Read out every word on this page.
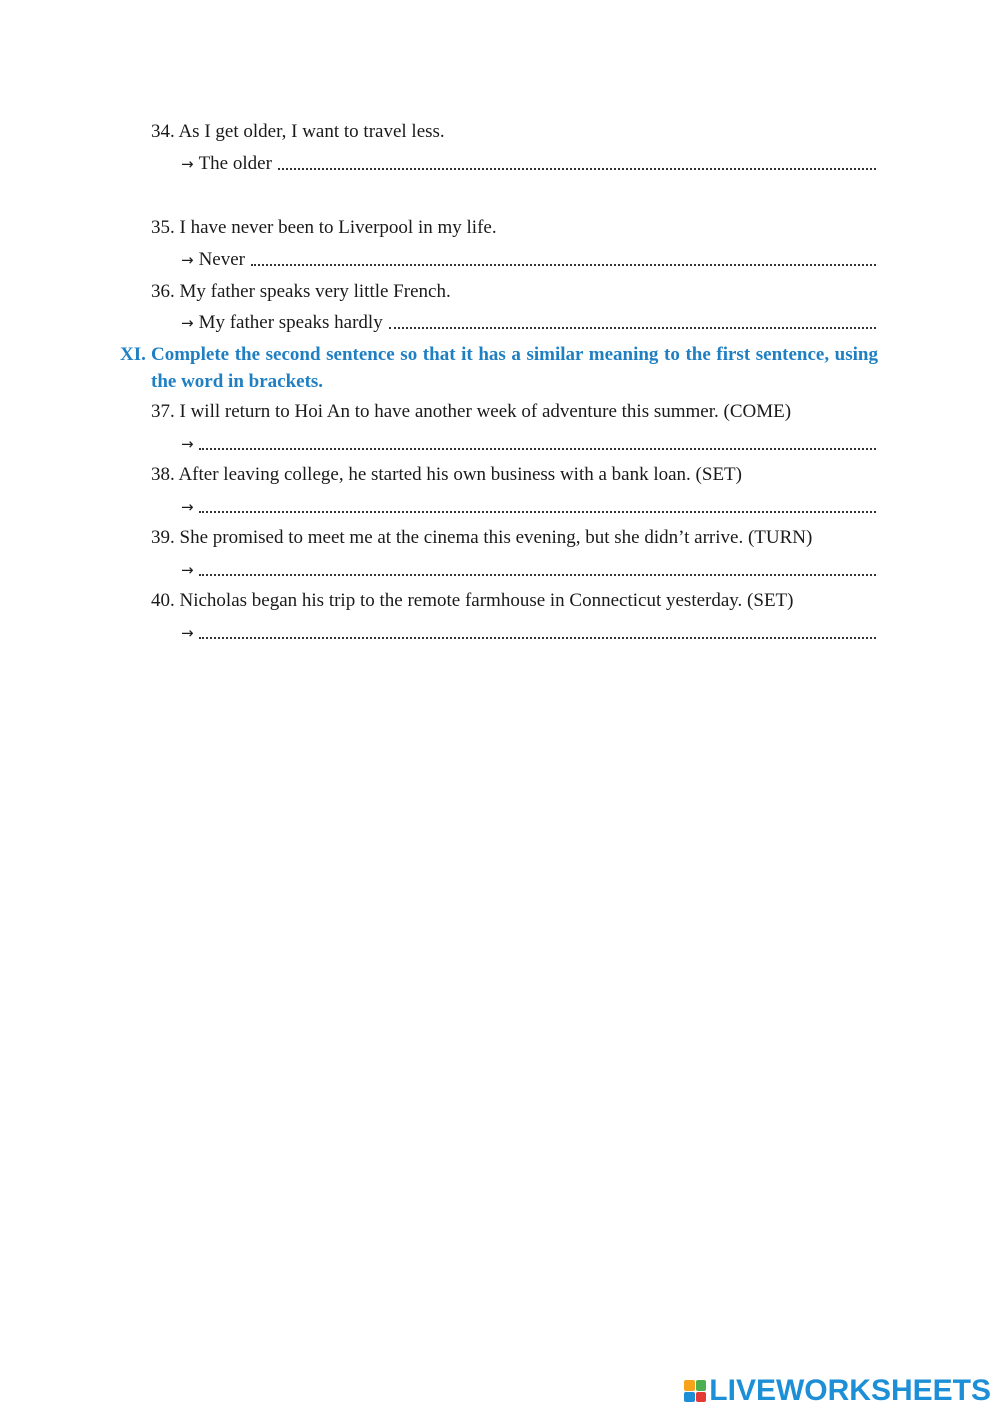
34. As I get older, I want to travel less.
→ The older
35. I have never been to Liverpool in my life.
→ Never
36. My father speaks very little French.
→ My father speaks hardly
XI. Complete the second sentence so that it has a similar meaning to the first sentence, using the word in brackets.
37. I will return to Hoi An to have another week of adventure this summer. (COME)
→
38. After leaving college, he started his own business with a bank loan. (SET)
→
39. She promised to meet me at the cinema this evening, but she didn’t arrive. (TURN)
→
40. Nicholas began his trip to the remote farmhouse in Connecticut yesterday. (SET)
→
LIVEWORKSHEETS
